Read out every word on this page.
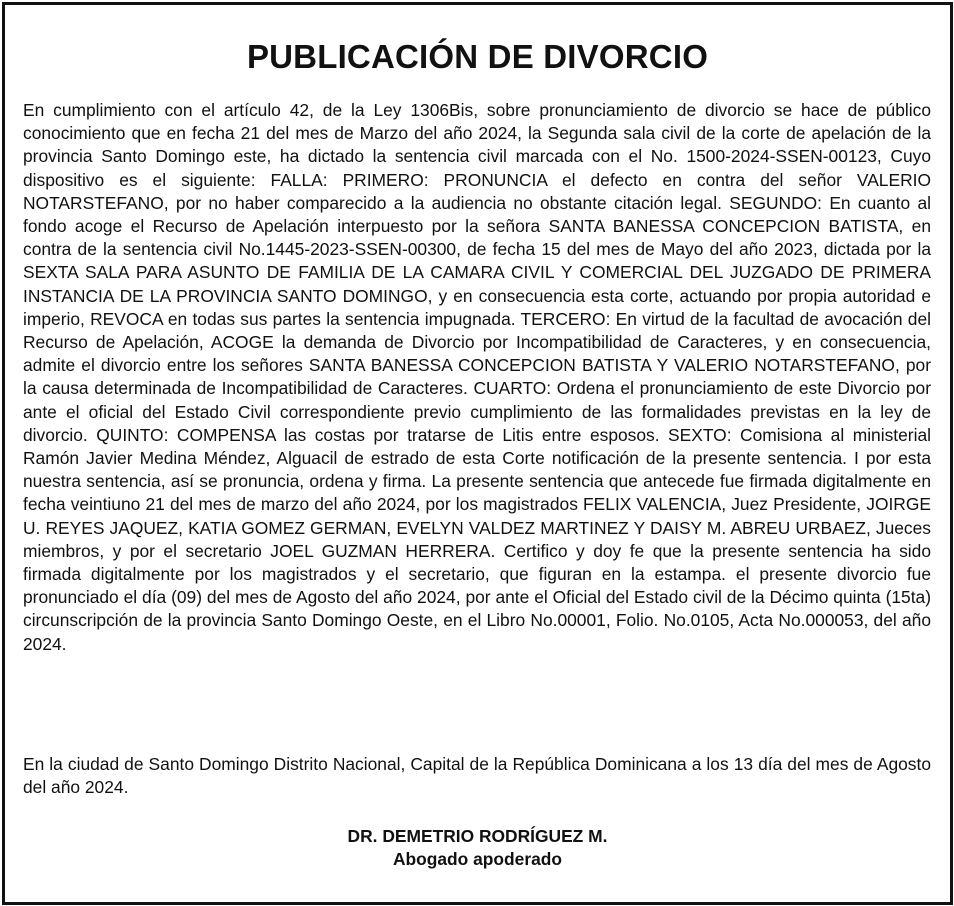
PUBLICACIÓN DE DIVORCIO

En cumplimiento con el artículo 42, de la Ley 1306Bis, sobre pronunciamiento de divorcio se hace de público conocimiento que en fecha 21 del mes de Marzo del año 2024, la Segunda sala civil de la corte de apelación de la provincia Santo Domingo este, ha dictado la sentencia civil marcada con el No. 1500-2024-SSEN-00123, Cuyo dispositivo es el siguiente: FALLA: PRIMERO: PRONUNCIA el defecto en contra del señor VALERIO NOTARSTEFANO, por no haber comparecido a la audiencia no obstante citación legal. SEGUNDO: En cuanto al fondo acoge el Recurso de Apelación interpuesto por la señora SANTA BANESSA CONCEPCION BATISTA, en contra de la sentencia civil No.1445-2023-SSEN-00300, de fecha 15 del mes de Mayo del año 2023, dictada por la SEXTA SALA PARA ASUNTO DE FAMILIA DE LA CAMARA CIVIL Y COMERCIAL DEL JUZGADO DE PRIMERA INSTANCIA DE LA PROVINCIA SANTO DOMINGO, y en consecuencia esta corte, actuando por propia autoridad e imperio, REVOCA en todas sus partes la sentencia impugnada. TERCERO: En virtud de la facultad de avocación del Recurso de Apelación, ACOGE la demanda de Divorcio por Incompatibilidad de Caracteres, y en consecuencia, admite el divorcio entre los señores SANTA BANESSA CONCEPCION BATISTA Y VALERIO NOTARSTEFANO, por la causa determinada de Incompatibilidad de Caracteres. CUARTO: Ordena el pronunciamiento de este Divorcio por ante el oficial del Estado Civil correspondiente previo cumplimiento de las formalidades previstas en la ley de divorcio. QUINTO: COMPENSA las costas por tratarse de Litis entre esposos. SEXTO: Comisiona al ministerial Ramón Javier Medina Méndez, Alguacil de estrado de esta Corte notificación de la presente sentencia. I por esta nuestra sentencia, así se pronuncia, ordena y firma. La presente sentencia que antecede fue firmada digitalmente en fecha veintiuno 21 del mes de marzo del año 2024, por los magistrados FELIX VALENCIA, Juez Presidente, JOIRGE U. REYES JAQUEZ, KATIA GOMEZ GERMAN, EVELYN VALDEZ MARTINEZ Y DAISY M. ABREU URBAEZ, Jueces miembros, y por el secretario JOEL GUZMAN HERRERA. Certifico y doy fe que la presente sentencia ha sido firmada digitalmente por los magistrados y el secretario, que figuran en la estampa. el presente divorcio fue pronunciado el día (09) del mes de Agosto del año 2024, por ante el Oficial del Estado civil de la Décimo quinta (15ta) circunscripción de la provincia Santo Domingo Oeste, en el Libro No.00001, Folio. No.0105, Acta No.000053, del año 2024.

En la ciudad de Santo Domingo Distrito Nacional, Capital de la República Dominicana a los 13 día del mes de Agosto del año 2024.

DR. DEMETRIO RODRÍGUEZ M.
Abogado apoderado
